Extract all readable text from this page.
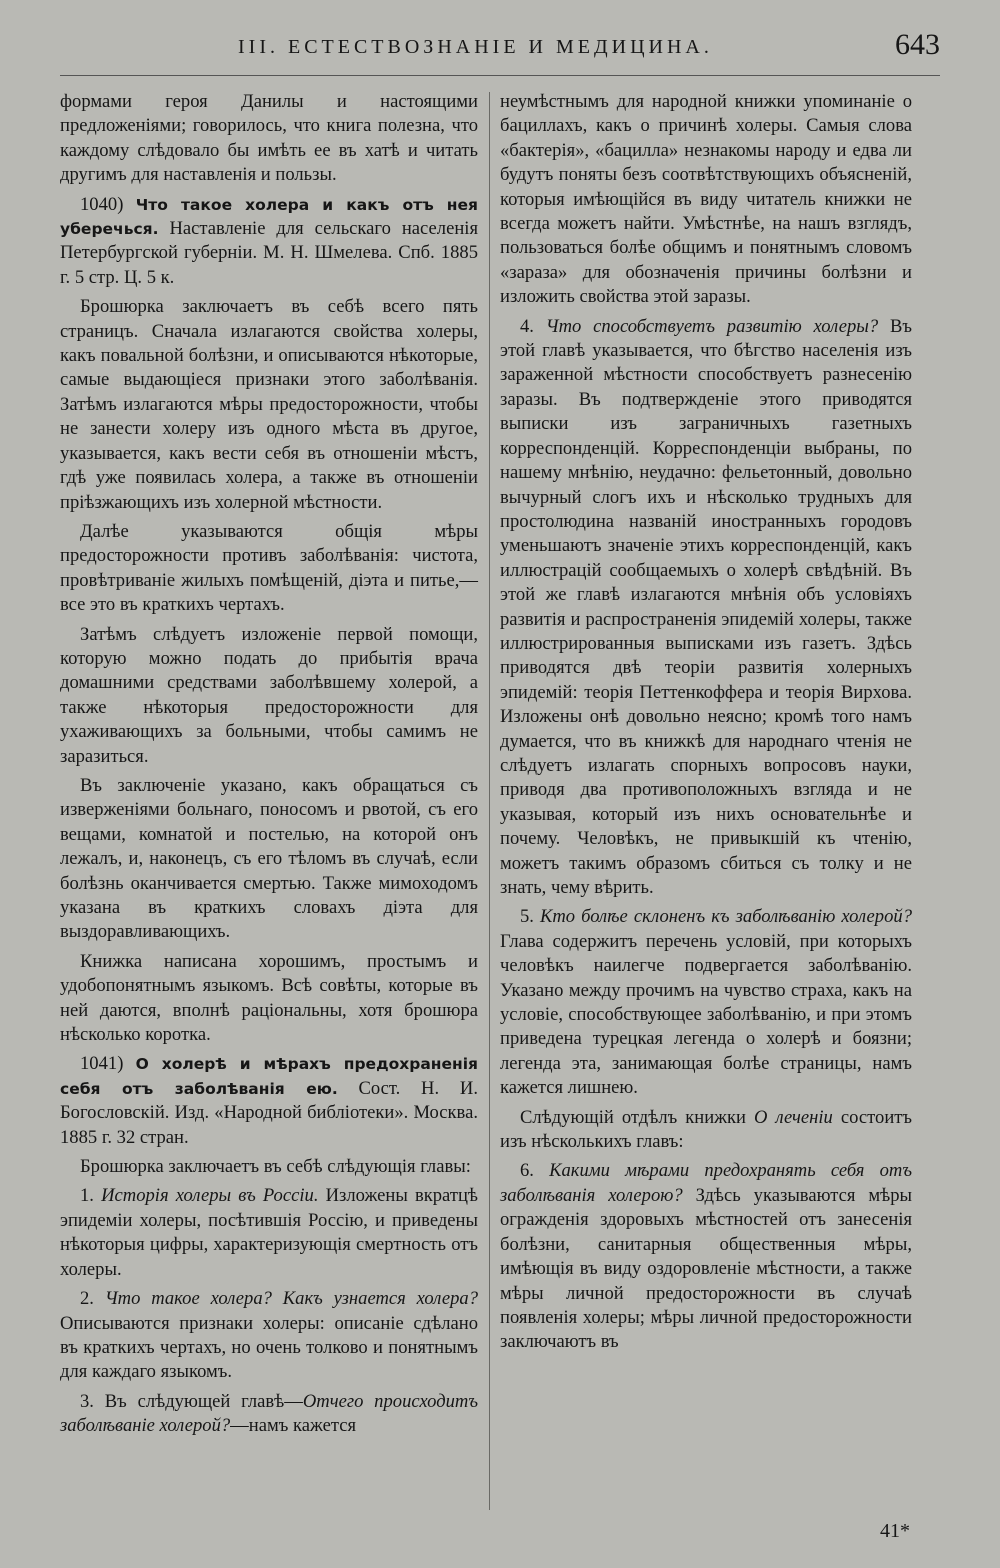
III. ЕСТЕСТВОЗНАНІЕ И МЕДИЦИНА.	643

формами героя Данилы и настоящими предложеніями; говорилось, что книга полезна, что каждому слѣдовало бы имѣть ее въ хатѣ и читать другимъ для наставленія и пользы.

1040) Что такое холера и какъ отъ нея уберечься. Наставленіе для сельскаго населенія Петербургской губерніи. М. Н. Шмелева. Спб. 1885 г. 5 стр. Ц. 5 к.

Брошюрка заключаетъ въ себѣ всего пять страницъ. Сначала излагаются свойства холеры, какъ повальной болѣзни, и описываются нѣкоторые, самые выдающіеся признаки этого заболѣванія. Затѣмъ излагаются мѣры предосторожности, чтобы не занести холеру изъ одного мѣста въ другое, указывается, какъ вести себя въ отношеніи мѣстъ, гдѣ уже появилась холера, а также въ отношеніи пріѣзжающихъ изъ холерной мѣстности.

Далѣе указываются общія мѣры предосторожности противъ заболѣванія: чистота, провѣтриваніе жилыхъ помѣщеній, діэта и питье,—все это въ краткихъ чертахъ.

Затѣмъ слѣдуетъ изложеніе первой помощи, которую можно подать до прибытія врача домашними средствами заболѣвшему холерой, а также нѣкоторыя предосторожности для ухаживающихъ за больными, чтобы самимъ не заразиться.

Въ заключеніе указано, какъ обращаться съ изверженіями больнаго, поносомъ и рвотой, съ его вещами, комнатой и постелью, на которой онъ лежалъ, и, наконецъ, съ его тѣломъ въ случаѣ, если болѣзнь оканчивается смертью. Также мимоходомъ указана въ краткихъ словахъ діэта для выздоравливающихъ.

Книжка написана хорошимъ, простымъ и удобопонятнымъ языкомъ. Всѣ совѣты, которые въ ней даются, вполнѣ раціональны, хотя брошюра нѣсколько коротка.

1041) О холерѣ и мѣрахъ предохраненія себя отъ заболѣванія ею. Сост. Н. И. Богословскій. Изд. «Народной библіотеки». Москва. 1885 г. 32 стран.

Брошюрка заключаетъ въ себѣ слѣдующія главы:

1. Исторія холеры въ Россіи. Изложены вкратцѣ эпидеміи холеры, посѣтившія Россію, и приведены нѣкоторыя цифры, характеризующія смертность отъ холеры.

2. Что такое холера? Какъ узнается холера? Описываются признаки холеры: описаніе сдѣлано въ краткихъ чертахъ, но очень толково и понятнымъ для каждаго языкомъ.

3. Въ слѣдующей главѣ—Отчего происходитъ заболѣваніе холерой?—намъ кажется

неумѣстнымъ для народной книжки упоминаніе о бациллахъ, какъ о причинѣ холеры. Самыя слова «бактерія», «бацилла» незнакомы народу и едва ли будутъ поняты безъ соотвѣтствующихъ объясненій, которыя имѣющійся въ виду читатель книжки не всегда можетъ найти. Умѣстнѣе, на нашъ взглядъ, пользоваться болѣе общимъ и понятнымъ словомъ «зараза» для обозначенія причины болѣзни и изложить свойства этой заразы.

4. Что способствуетъ развитію холеры? Въ этой главѣ указывается, что бѣгство населенія изъ зараженной мѣстности способствуетъ разнесенію заразы. Въ подтвержденіе этого приводятся выписки изъ заграничныхъ газетныхъ корреспонденцій. Корреспонденціи выбраны, по нашему мнѣнію, неудачно: фельетонный, довольно вычурный слогъ ихъ и нѣсколько трудныхъ для простолюдина названій иностранныхъ городовъ уменьшаютъ значеніе этихъ корреспонденцій, какъ иллюстрацій сообщаемыхъ о холерѣ свѣдѣній. Въ этой же главѣ излагаются мнѣнія объ условіяхъ развитія и распространенія эпидемій холеры, также иллюстрированныя выписками изъ газетъ. Здѣсь приводятся двѣ теоріи развитія холерныхъ эпидемій: теорія Петтенкоффера и теорія Вирхова. Изложены онѣ довольно неясно; кромѣ того намъ думается, что въ книжкѣ для народнаго чтенія не слѣдуетъ излагать спорныхъ вопросовъ науки, приводя два противоположныхъ взгляда и не указывая, который изъ нихъ основательнѣе и почему. Человѣкъ, не привыкшій къ чтенію, можетъ такимъ образомъ сбиться съ толку и не знать, чему вѣрить.

5. Кто болѣе склоненъ къ заболѣванію холерой? Глава содержитъ перечень условій, при которыхъ человѣкъ наилегче подвергается заболѣванію. Указано между прочимъ на чувство страха, какъ на условіе, способствующее заболѣванію, и при этомъ приведена турецкая легенда о холерѣ и боязни; легенда эта, занимающая болѣе страницы, намъ кажется лишнею.

Слѣдующій отдѣлъ книжки О леченіи состоитъ изъ нѣсколькихъ главъ:

6. Какими мѣрами предохранять себя отъ заболѣванія холерою? Здѣсь указываются мѣры огражденія здоровыхъ мѣстностей отъ занесенія болѣзни, санитарныя общественныя мѣры, имѣющія въ виду оздоровленіе мѣстности, а также мѣры личной предосторожности въ случаѣ появленія холеры; мѣры личной предосторожности заключаютъ въ

41*
